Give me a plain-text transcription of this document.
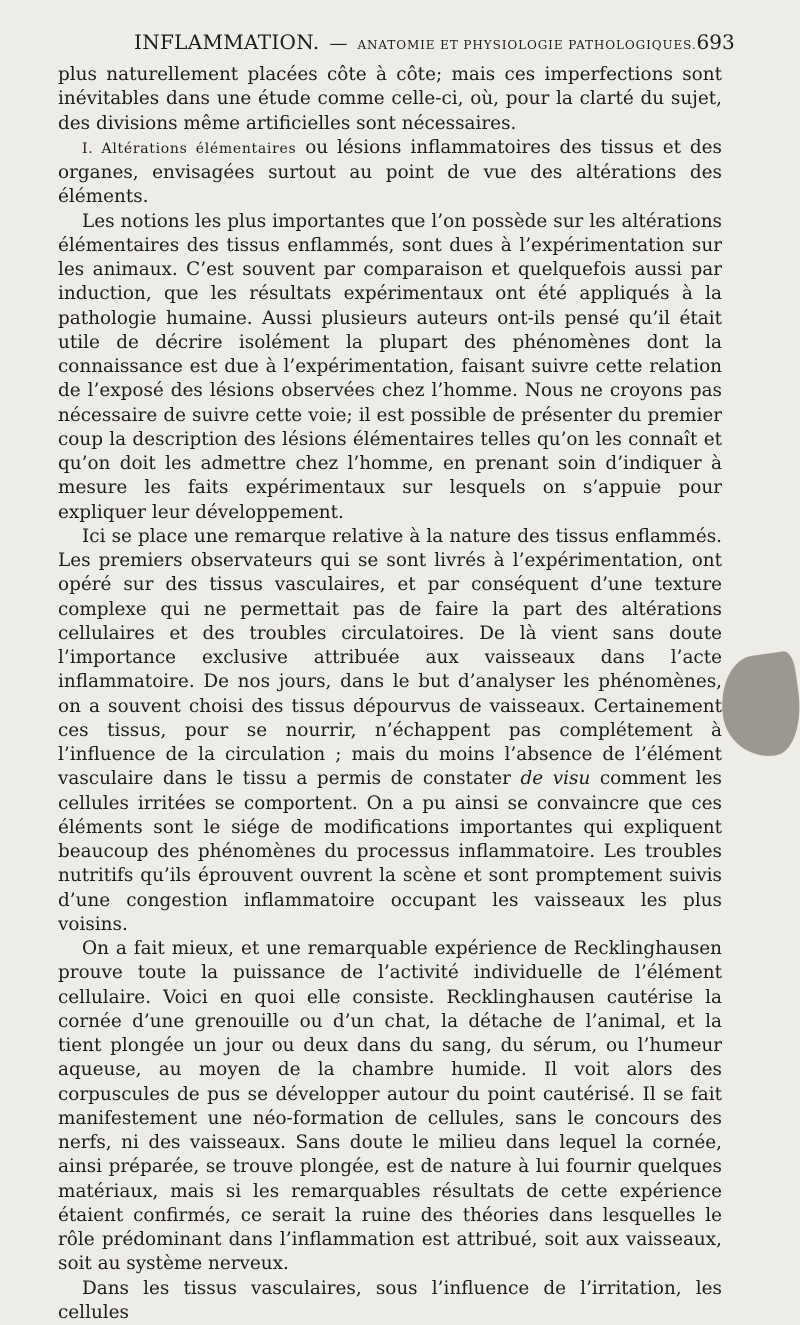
INFLAMMATION. — ANATOMIE ET PHYSIOLOGIE PATHOLOGIQUES. 693

plus naturellement placées côte à côte; mais ces imperfections sont inévitables dans une étude comme celle-ci, où, pour la clarté du sujet, des divisions même artificielles sont nécessaires.

I. Altérations élémentaires ou lésions inflammatoires des tissus et des organes, envisagées surtout au point de vue des altérations des éléments.

Les notions les plus importantes que l’on possède sur les altérations élémentaires des tissus enflammés, sont dues à l’expérimentation sur les animaux. C’est souvent par comparaison et quelquefois aussi par induction, que les résultats expérimentaux ont été appliqués à la pathologie humaine. Aussi plusieurs auteurs ont-ils pensé qu’il était utile de décrire isolément la plupart des phénomènes dont la connaissance est due à l’expérimentation, faisant suivre cette relation de l’exposé des lésions observées chez l’homme. Nous ne croyons pas nécessaire de suivre cette voie; il est possible de présenter du premier coup la description des lésions élémentaires telles qu’on les connaît et qu’on doit les admettre chez l’homme, en prenant soin d’indiquer à mesure les faits expérimentaux sur lesquels on s’appuie pour expliquer leur développement.

Ici se place une remarque relative à la nature des tissus enflammés. Les premiers observateurs qui se sont livrés à l’expérimentation, ont opéré sur des tissus vasculaires, et par conséquent d’une texture complexe qui ne permettait pas de faire la part des altérations cellulaires et des troubles circulatoires. De là vient sans doute l’importance exclusive attribuée aux vaisseaux dans l’acte inflammatoire. De nos jours, dans le but d’analyser les phénomènes, on a souvent choisi des tissus dépourvus de vaisseaux. Certainement ces tissus, pour se nourrir, n’échappent pas complétement à l’influence de la circulation ; mais du moins l’absence de l’élément vasculaire dans le tissu a permis de constater de visu comment les cellules irritées se comportent. On a pu ainsi se convaincre que ces éléments sont le siége de modifications importantes qui expliquent beaucoup des phénomènes du processus inflammatoire. Les troubles nutritifs qu’ils éprouvent ouvrent la scène et sont promptement suivis d’une congestion inflammatoire occupant les vaisseaux les plus voisins.

On a fait mieux, et une remarquable expérience de Recklinghausen prouve toute la puissance de l’activité individuelle de l’élément cellulaire. Voici en quoi elle consiste. Recklinghausen cautérise la cornée d’une grenouille ou d’un chat, la détache de l’animal, et la tient plongée un jour ou deux dans du sang, du sérum, ou l’humeur aqueuse, au moyen de la chambre humide. Il voit alors des corpuscules de pus se développer autour du point cautérisé. Il se fait manifestement une néo-formation de cellules, sans le concours des nerfs, ni des vaisseaux. Sans doute le milieu dans lequel la cornée, ainsi préparée, se trouve plongée, est de nature à lui fournir quelques matériaux, mais si les remarquables résultats de cette expérience étaient confirmés, ce serait la ruine des théories dans lesquelles le rôle prédominant dans l’inflammation est attribué, soit aux vaisseaux, soit au système nerveux.

Dans les tissus vasculaires, sous l’influence de l’irritation, les cellules
